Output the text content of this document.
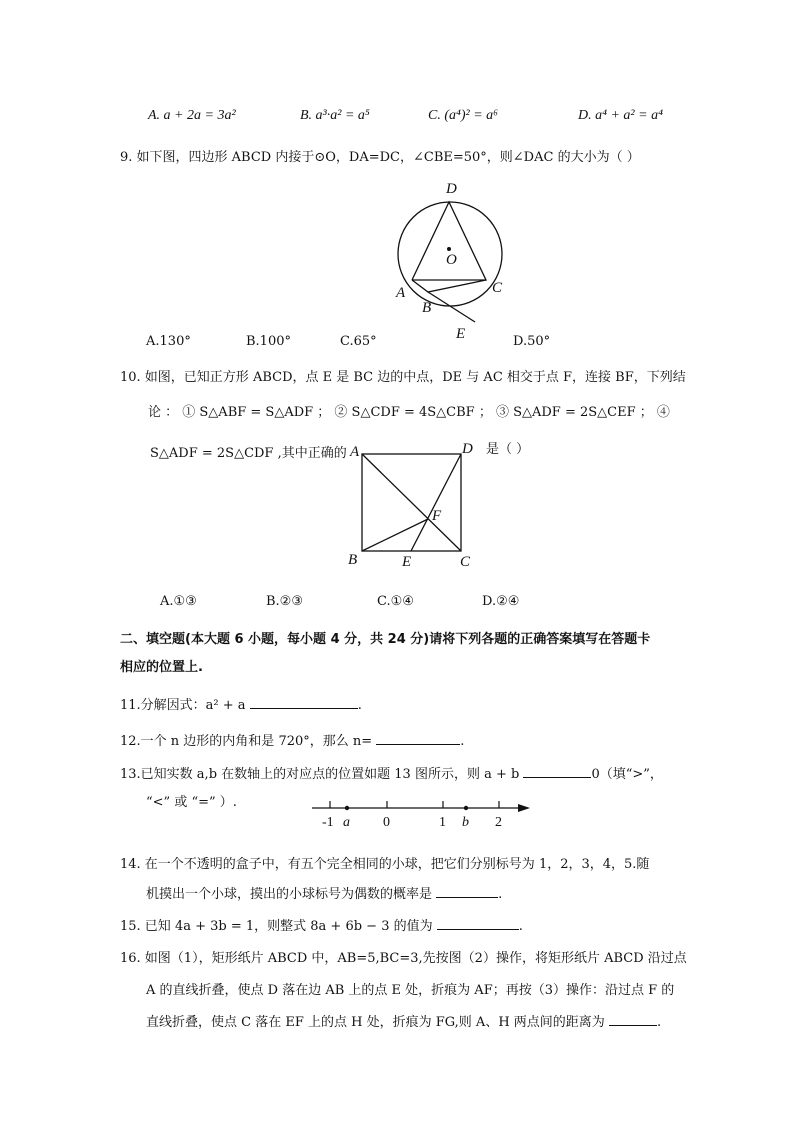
A. a + 2a = 3a²	B. a³·a² = a⁵	C. (a⁴)² = a⁶	D. a⁴ + a² = a⁴
9. 如下图，四边形 ABCD 内接于⊙O，DA=DC，∠CBE=50°，则∠DAC 的大小为（ ）
D
O
A
B
C
E
A.130°	B.100°	C.65°	D.50°
10. 如图，已知正方形 ABCD，点 E 是 BC 边的中点，DE 与 AC 相交于点 F，连接 BF，下列结
论 ： ① S△ABF = S△ADF ； ② S△CDF = 4S△CBF ； ③ S△ADF = 2S△CEF ； ④
S△ADF = 2S△CDF ,其中正确的	是（ ）
A	D
F
B	E	C
A.①③	B.②③	C.①④	D.②④
二、填空题(本大题 6 小题，每小题 4 分，共 24 分)请将下列各题的正确答案填写在答题卡
相应的位置上.
11.分解因式：a² + a	.
12.一个 n 边形的内角和是 720°，那么 n=	.
13.已知实数 a,b 在数轴上的对应点的位置如题 13 图所示，则 a + b	0（填“>”，
“<” 或 “=” ）.
-1 a 0	1 b 2
14. 在一个不透明的盒子中，有五个完全相同的小球，把它们分别标号为 1，2，3，4，5.随
机摸出一个小球，摸出的小球标号为偶数的概率是	.
15. 已知 4a + 3b = 1，则整式 8a + 6b − 3 的值为	.
16. 如图（1），矩形纸片 ABCD 中，AB=5,BC=3,先按图（2）操作，将矩形纸片 ABCD 沿过点
A 的直线折叠，使点 D 落在边 AB 上的点 E 处，折痕为 AF；再按（3）操作：沿过点 F 的
直线折叠，使点 C 落在 EF 上的点 H 处，折痕为 FG,则 A、H 两点间的距离为	.
